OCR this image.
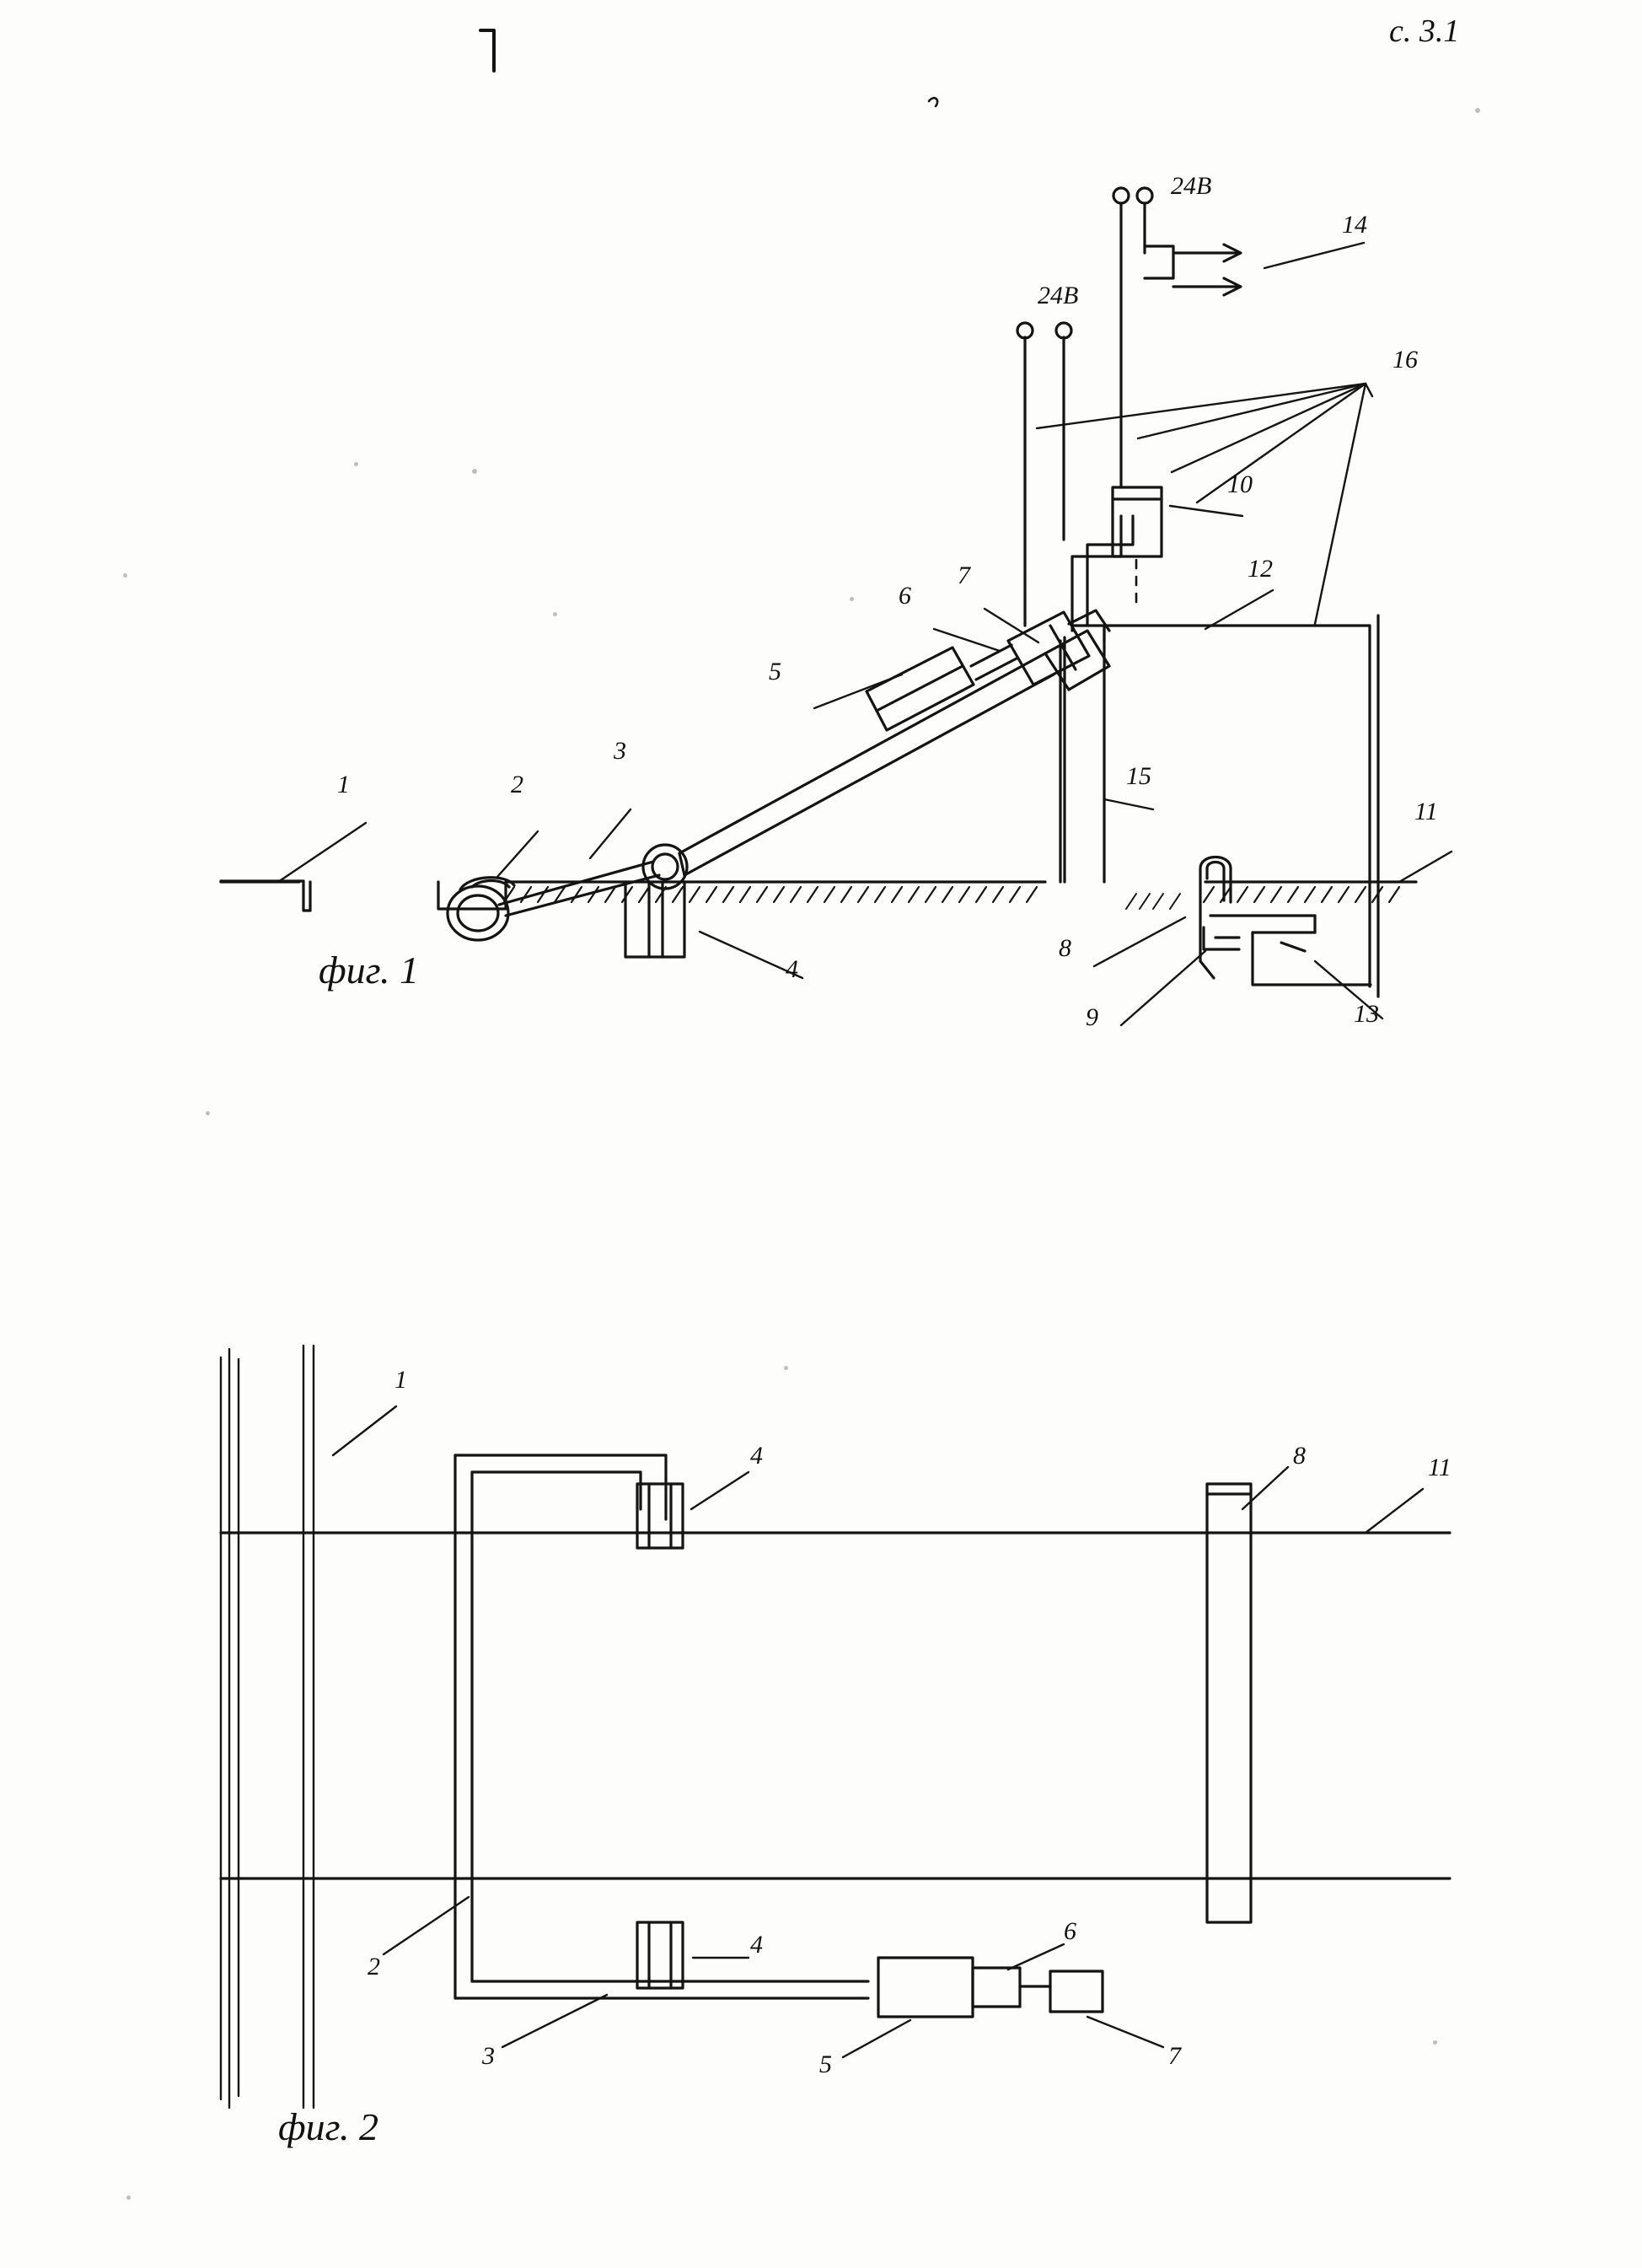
с. 3.1
24В
24В
1	2
3
4
5
6
7
8
9
10
11
12
13
14
15
16
фиг. 1
1
2
3
4
4
5
6
7
8	11
фиг. 2
